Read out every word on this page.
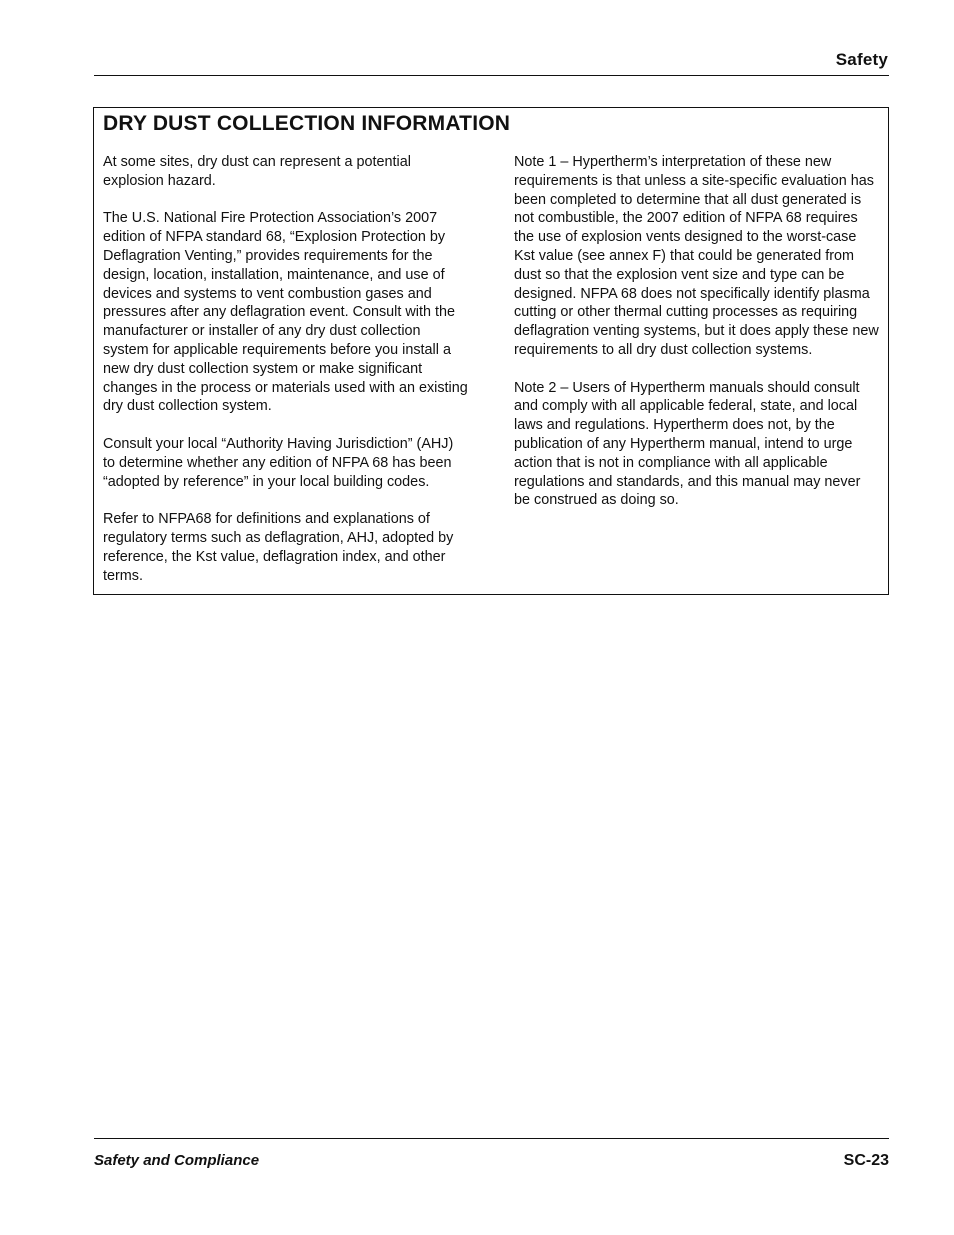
Safety
DRY DUST COLLECTION INFORMATION

At some sites, dry dust can represent a potential explosion hazard.

The U.S. National Fire Protection Association’s 2007 edition of NFPA standard 68, “Explosion Protection by Deflagration Venting,” provides requirements for the design, location, installation, maintenance, and use of devices and systems to vent combustion gases and pressures after any deflagration event. Consult with the manufacturer or installer of any dry dust collection system for applicable requirements before you install a new dry dust collection system or make significant changes in the process or materials used with an existing dry dust collection system.

Consult your local “Authority Having Jurisdiction” (AHJ) to determine whether any edition of NFPA 68 has been “adopted by reference” in your local building codes.

Refer to NFPA68 for definitions and explanations of regulatory terms such as deflagration, AHJ, adopted by reference, the Kst value, deflagration index, and other terms.

Note 1 – Hypertherm’s interpretation of these new requirements is that unless a site-specific evaluation has been completed to determine that all dust generated is not combustible, the 2007 edition of NFPA 68 requires the use of explosion vents designed to the worst-case Kst value (see annex F) that could be generated from dust so that the explosion vent size and type can be designed. NFPA 68 does not specifically identify plasma cutting or other thermal cutting processes as requiring deflagration venting systems, but it does apply these new requirements to all dry dust collection systems.

Note 2 – Users of Hypertherm manuals should consult and comply with all applicable federal, state, and local laws and regulations. Hypertherm does not, by the publication of any Hypertherm manual, intend to urge action that is not in compliance with all applicable regulations and standards, and this manual may never be construed as doing so.

Safety and Compliance	SC-23
